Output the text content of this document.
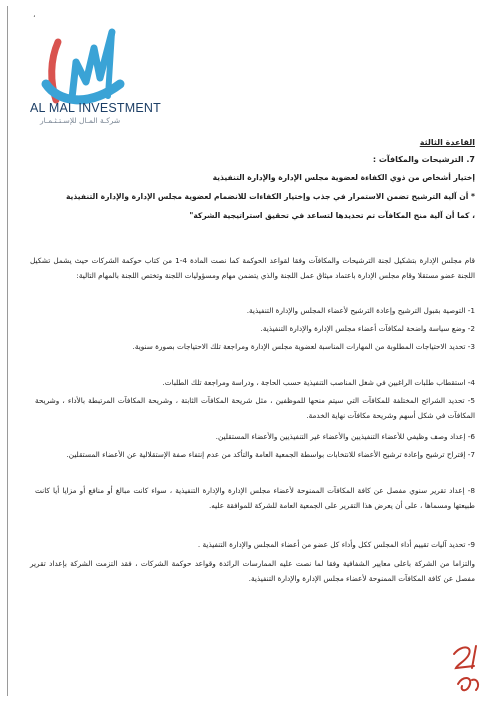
،
AL MAL INVESTMENT
شركـة المـال للإسـتـثـمـار
القاعدة الثالثة
7. الترشيحات والمكافآت :
إختيار أشخاص من ذوي الكفاءة لعضوية مجلس الإدارة والإدارة التنفيذية
* أن آلية الترشيح تضمن الاستمرار في جذب وإختيار الكفاءات للانضمام لعضوية مجلس الإدارة والإدارة التنفيذية
، كما أن آلية منح المكافآت تم تحديدها لتساعد في تحقيق استراتيجية الشركة"
قام مجلس الإدارة بتشكيل لجنة الترشيحات والمكافآت وفقا لقواعد الحوكمة كما نصت المادة 4-1 من كتاب حوكمة الشركات حيث يشمل تشكيل اللجنة عضو مستقلا وقام مجلس الإدارة باعتماد ميثاق عمل اللجنة والذي يتضمن مهام ومسؤوليات اللجنة وتختص اللجنة بالمهام التالية:
1- التوصية بقبول الترشيح وإعادة الترشيح لأعضاء المجلس والإدارة التنفيذية.
2- وضع سياسة واضحة لمكافآت أعضاء مجلس الإدارة والإدارة التنفيذية.
3- تحديد الاحتياجات المطلوبة من المهارات المناسبة لعضوية مجلس الإدارة ومراجعة تلك الاحتياجات بصورة سنوية.
4- استقطاب طلبات الراغبين في شغل المناصب التنفيذية حسب الحاجة ، ودراسة ومراجعة تلك الطلبات.
5- تحديد الشرائح المختلفة للمكافآت التي سيتم منحها للموظفين ، مثل شريحة المكافآت الثابتة ، وشريحة المكافآت المرتبطة بالأداء ، وشريحة المكافآت في شكل أسهم وشريحة مكافآت نهاية الخدمة.
6- إعداد وصف وظيفي للأعضاء التنفيذيين والأعضاء غير التنفيذيين والأعضاء المستقلين.
7- إقتراح ترشيح وإعادة ترشيح الأعضاء للانتخابات بواسطة الجمعية العامة والتأكد من عدم إنتفاء صفة الإستقلالية عن الأعضاء المستقلين.
8- إعداد تقرير سنوي مفصل عن كافة المكافآت الممنوحة لأعضاء مجلس الإدارة والإدارة التنفيذية ، سواء كانت مبالغ أو منافع أو مزايا أيا كانت طبيعتها ومسماها ، على أن يعرض هذا التقرير على الجمعية العامة للشركة للموافقة عليه.
9- تحديد آليات تقييم أداء المجلس ككل وأداء كل عضو من أعضاء المجلس والإدارة التنفيذية .
والتزاما من الشركة باعلى معايير الشفافية وفقا لما نصت عليه الممارسات الرائدة وقواعد حوكمة الشركات ، فقد التزمت الشركة بإعداد تقرير مفصل عن كافة المكافآت الممنوحة لأعضاء مجلس الإدارة والإدارة التنفيذية.
